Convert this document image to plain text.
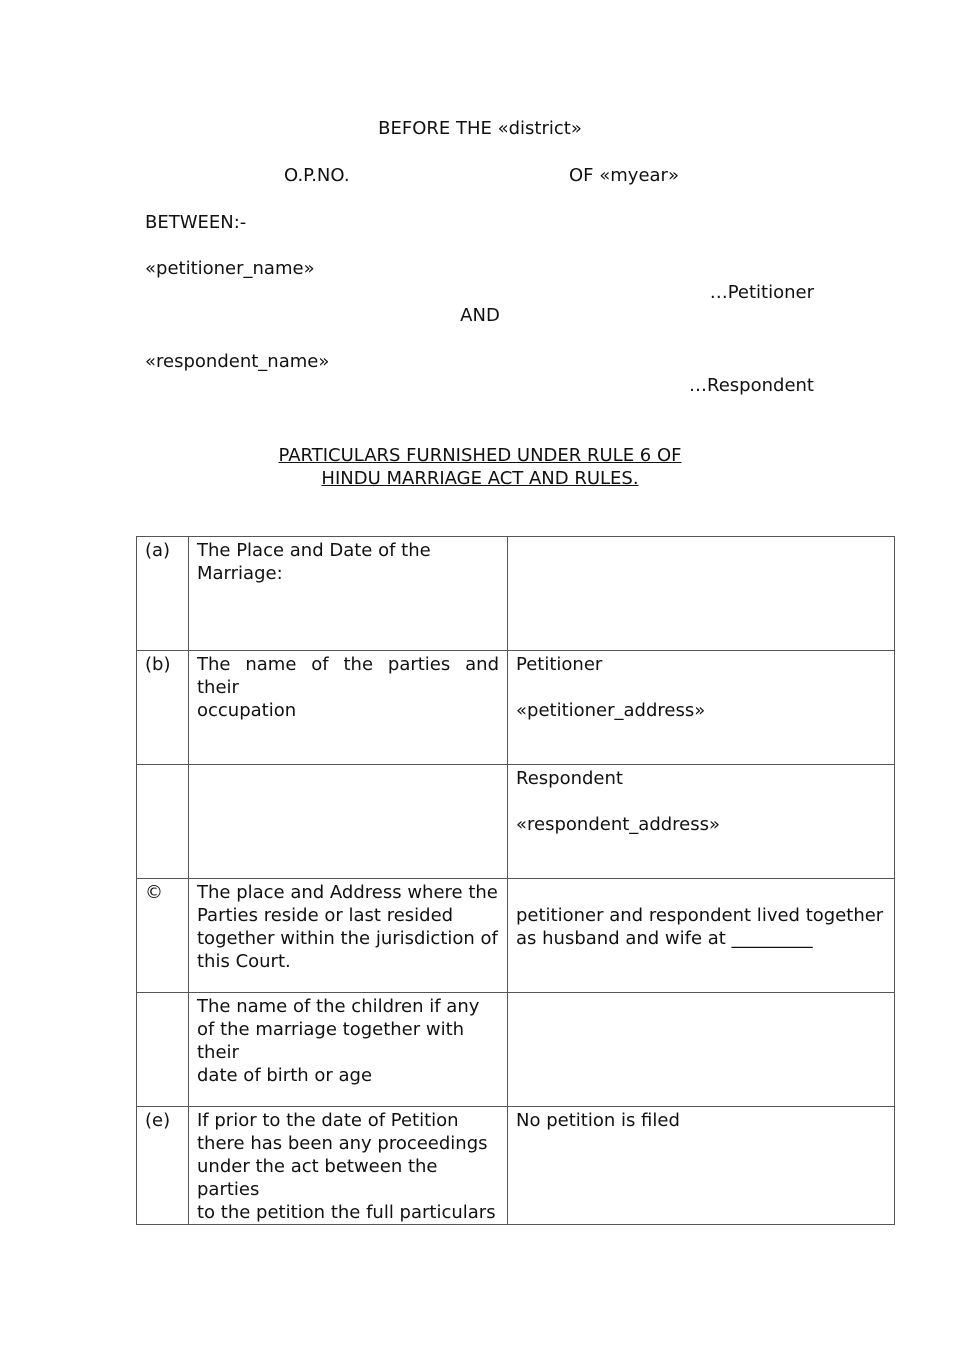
BEFORE THE «district»
O.P.NO.	OF «myear»
BETWEEN:-
«petitioner_name»
…Petitioner
AND
«respondent_name»
…Respondent
PARTICULARS FURNISHED UNDER RULE 6 OF
HINDU MARRIAGE ACT AND RULES.
(a)	The Place and Date of the
Marriage:	

(b)	The name of the parties and their
occupation	Petitioner
«petitioner_address»

		Respondent
«respondent_address»

©	The place and Address where the
Parties reside or last resided
together within the jurisdiction of
this Court.	petitioner and respondent lived together
as husband and wife at _________

	The name of the children if any
of the marriage together with their
date of birth or age	

(e)	If prior to the date of Petition
there has been any proceedings
under the act between the parties
to the petition the full particulars	No petition is filed
